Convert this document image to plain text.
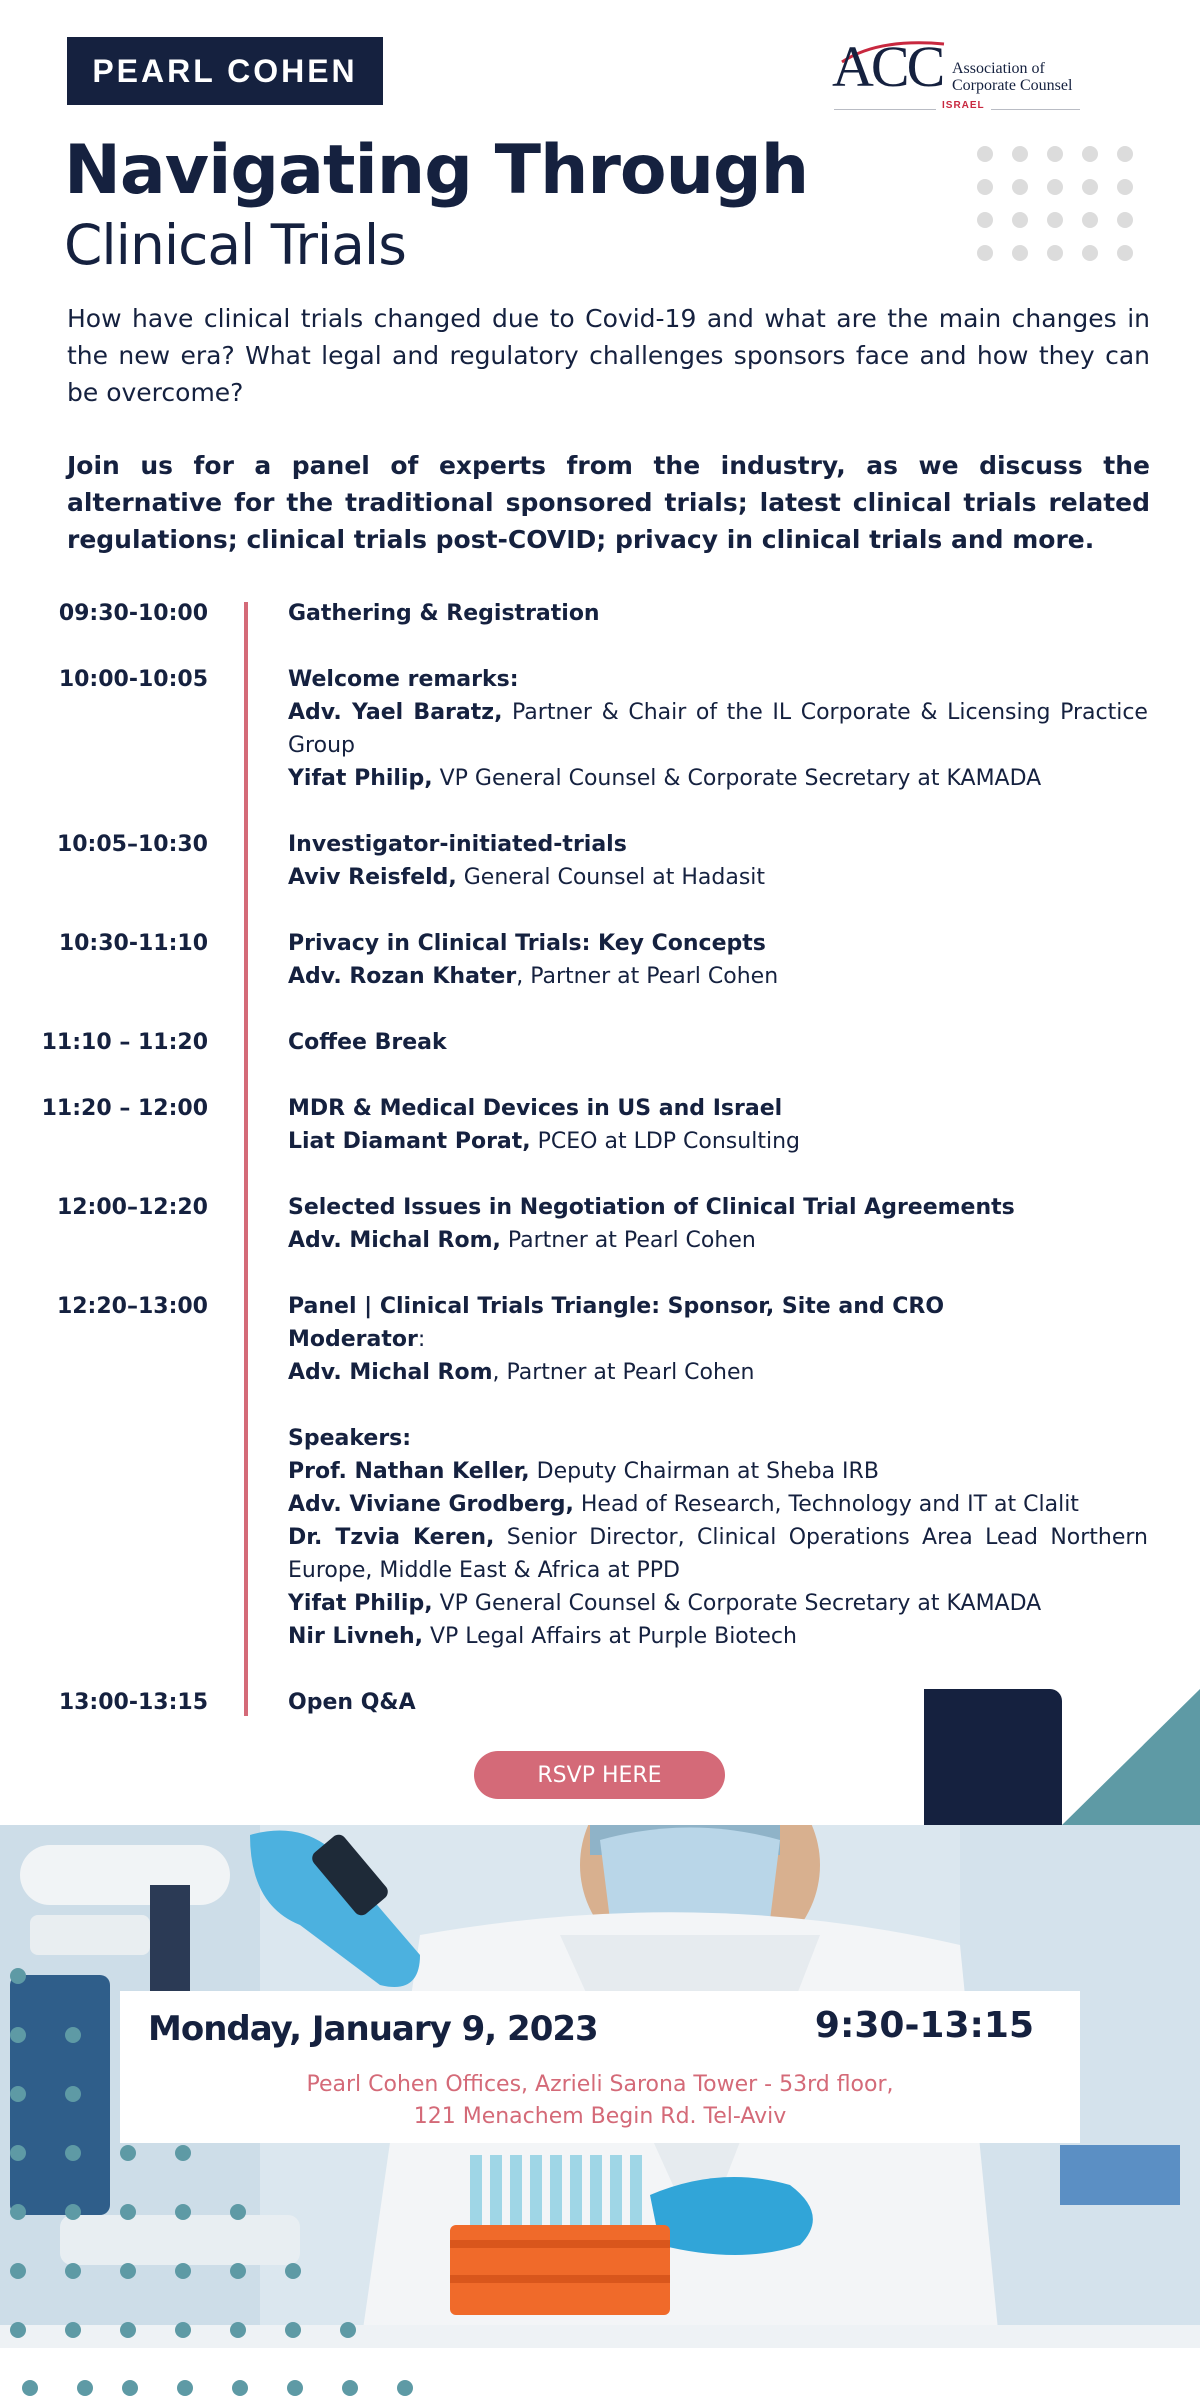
PEARL COHEN	ACC Association of
Corporate Counsel
ISRAEL
Navigating Through
Clinical Trials

How have clinical trials changed due to Covid-19 and what are the main changes in the new era? What legal and regulatory challenges sponsors face and how they can be overcome?

Join us for a panel of experts from the industry, as we discuss the alternative for the traditional sponsored trials; latest clinical trials related regulations; clinical trials post-COVID; privacy in clinical trials and more.

09:30-10:00	Gathering & Registration
10:00-10:05	Welcome remarks:
Adv. Yael Baratz, Partner & Chair of the IL Corporate & Licensing Practice Group
Yifat Philip, VP General Counsel & Corporate Secretary at KAMADA
10:05–10:30	Investigator-initiated-trials
Aviv Reisfeld, General Counsel at Hadasit
10:30-11:10	Privacy in Clinical Trials: Key Concepts
Adv. Rozan Khater, Partner at Pearl Cohen
11:10 – 11:20	Coffee Break
11:20 – 12:00	MDR & Medical Devices in US and Israel
Liat Diamant Porat, PCEO at LDP Consulting
12:00–12:20	Selected Issues in Negotiation of Clinical Trial Agreements
Adv. Michal Rom, Partner at Pearl Cohen
12:20–13:00	Panel | Clinical Trials Triangle: Sponsor, Site and CRO
Moderator:
Adv. Michal Rom, Partner at Pearl Cohen
Speakers:
Prof. Nathan Keller, Deputy Chairman at Sheba IRB
Adv. Viviane Grodberg, Head of Research, Technology and IT at Clalit
Dr. Tzvia Keren, Senior Director, Clinical Operations Area Lead Northern Europe, Middle East & Africa at PPD
Yifat Philip, VP General Counsel & Corporate Secretary at KAMADA
Nir Livneh, VP Legal Affairs at Purple Biotech
13:00-13:15	Open Q&A
RSVP HERE
Monday, January 9, 2023	9:30-13:15
Pearl Cohen Offices, Azrieli Sarona Tower - 53rd floor,
121 Menachem Begin Rd. Tel-Aviv
